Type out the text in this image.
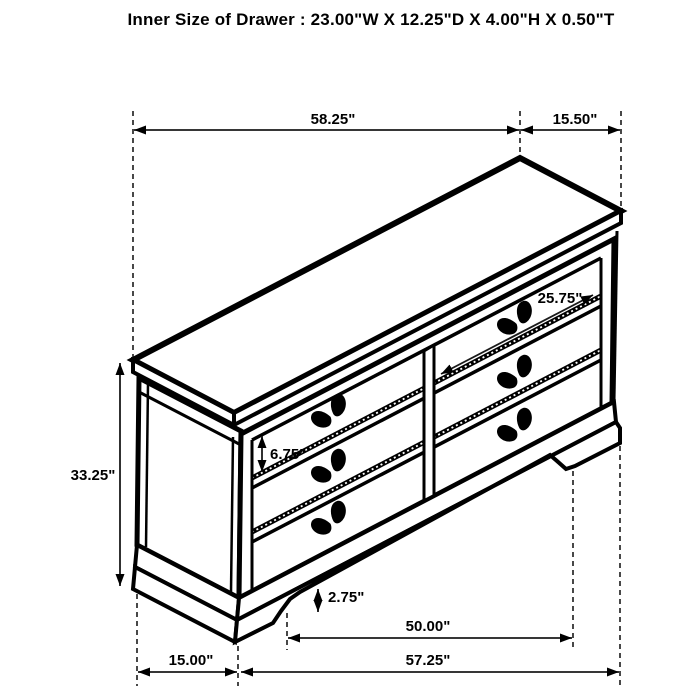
Inner Size of Drawer : 23.00"W X 12.25"D X 4.00"H X 0.50"T
58.25"	15.50"
25.75"
33.25"
6.75"
2.75"
50.00"
15.00"	57.25"
